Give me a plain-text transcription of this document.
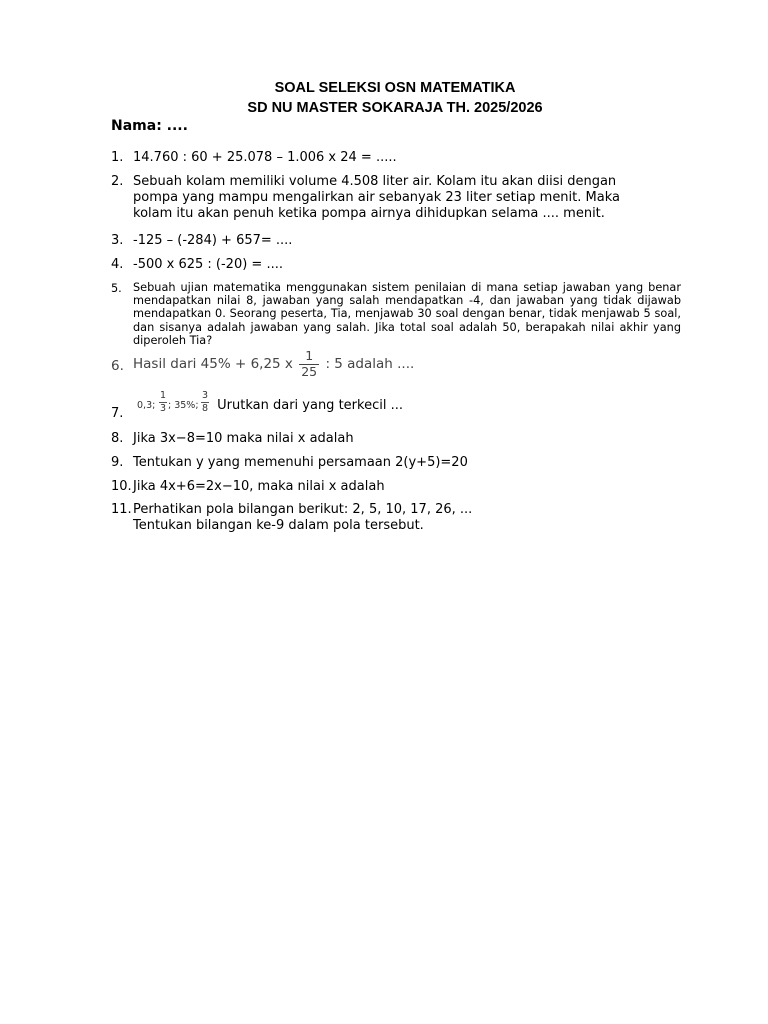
SOAL SELEKSI OSN MATEMATIKA

SD NU MASTER SOKARAJA TH. 2025/2026

Nama: ....

1. 14.760 : 60 + 25.078 – 1.006 x 24 = .....
2. Sebuah kolam memiliki volume 4.508 liter air. Kolam itu akan diisi dengan
pompa yang mampu mengalirkan air sebanyak 23 liter setiap menit. Maka
kolam itu akan penuh ketika pompa airnya dihidupkan selama .... menit.
3. -125 – (-284) + 657= ....
4. -500 x 625 : (-20) = ....
5. Sebuah ujian matematika menggunakan sistem penilaian di mana setiap jawaban yang benar mendapatkan nilai 8, jawaban yang salah mendapatkan -4, dan jawaban yang tidak dijawab mendapatkan 0. Seorang peserta, Tia, menjawab 30 soal dengan benar, tidak menjawab 5 soal, dan sisanya adalah jawaban yang salah. Jika total soal adalah 50, berapakah nilai akhir yang diperoleh Tia?
6. Hasil dari 45% + 6,25 x $\frac{1}{25}$ : 5 adalah ....
7.
0,3; $\frac{1}{3}$ ; 35%; $\frac{3}{8}$ Urutkan dari yang terkecil ...
8. Jika 3x−8=10 maka nilai x adalah
9. Tentukan y yang memenuhi persamaan 2(y+5)=20
10. Jika 4x+6=2x−10, maka nilai x adalah
11. Perhatikan pola bilangan berikut: 2, 5, 10, 17, 26, ...
Tentukan bilangan ke-9 dalam pola tersebut.
